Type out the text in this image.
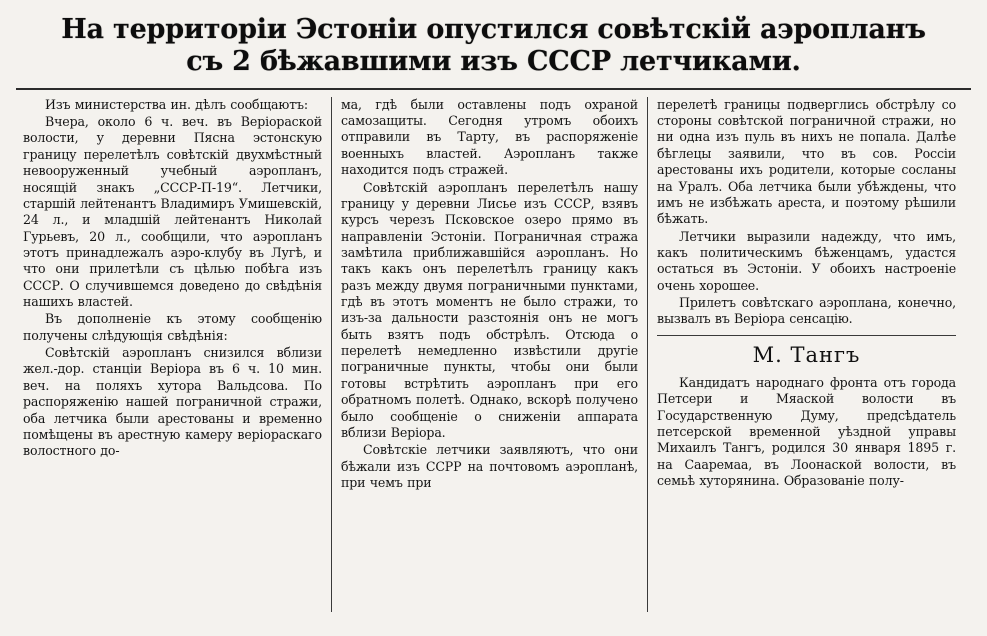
На территоріи Эстоніи опустился совѣтскій аэропланъ
съ 2 бѣжавшими изъ СССР летчиками.

Изъ министерства ин. дѣлъ сообщаютъ:

Вчера, около 6 ч. веч. въ Веріораской волости, у деревни Пясна эстонскую границу перелетѣлъ совѣтскій двухмѣстный невооруженный учебный аэропланъ, носящій знакъ „СССР-П-19“. Летчики, старшій лейтенантъ Владимиръ Умишевскій, 24 л., и младшій лейтенантъ Николай Гурьевъ, 20 л., сообщили, что аэропланъ этотъ принадлежалъ аэро-клубу въ Лугѣ, и что они прилетѣли съ цѣлью побѣга изъ СССР. О случившемся доведено до свѣдѣнія нашихъ властей.

Въ дополненіе къ этому сообщенію получены слѣдующія свѣдѣнія:

Совѣтскій аэропланъ снизился вблизи жел.-дор. станціи Веріора въ 6 ч. 10 мин. веч. на поляхъ хутора Вальдсова. По распоряженію нашей пограничной стражи, оба летчика были арестованы и временно помѣщены въ арестную камеру веріораскаго волостного до-

ма, гдѣ были оставлены подъ охраной самозащиты. Сегодня утромъ обоихъ отправили въ Тарту, въ распоряженіе военныхъ властей. Аэропланъ также находится подъ стражей.

Совѣтскій аэропланъ перелетѣлъ нашу границу у деревни Лисье изъ СССР, взявъ курсъ черезъ Псковское озеро прямо въ направленіи Эстоніи. Пограничная стража замѣтила приближавшійся аэропланъ. Но такъ какъ онъ перелетѣлъ границу какъ разъ между двумя пограничными пунктами, гдѣ въ этотъ моментъ не было стражи, то изъ-за дальности разстоянія онъ не могъ быть взятъ подъ обстрѣлъ. Отсюда о перелетѣ немедленно извѣстили другіе пограничные пункты, чтобы они были готовы встрѣтить аэропланъ при его обратномъ полетѣ. Однако, вскорѣ получено было сообщеніе о сниженіи аппарата вблизи Веріора.

Совѣтскіе летчики заявляютъ, что они бѣжали изъ ССРР на почтовомъ аэропланѣ, при чемъ при

перелетѣ границы подверглись обстрѣлу со стороны совѣтской пограничной стражи, но ни одна изъ пуль въ нихъ не попала. Далѣе бѣглецы заявили, что въ сов. Россіи арестованы ихъ родители, которые сосланы на Уралъ. Оба летчика были убѣждены, что имъ не избѣжать ареста, и поэтому рѣшили бѣжать.

Летчики выразили надежду, что имъ, какъ политическимъ бѣженцамъ, удастся остаться въ Эстоніи. У обоихъ настроеніе очень хорошее.

Прилетъ совѣтскаго аэроплана, конечно, вызвалъ въ Веріора сенсацію.

М. Тангъ

Кандидатъ народнаго фронта отъ города Петсери и Мяаской волости въ Государственную Думу, предсѣдатель петсерской временной уѣздной управы Михаилъ Тангъ, родился 30 января 1895 г. на Сааремаа, въ Лоонаской волости, въ семьѣ хуторянина. Образованіе полу-
